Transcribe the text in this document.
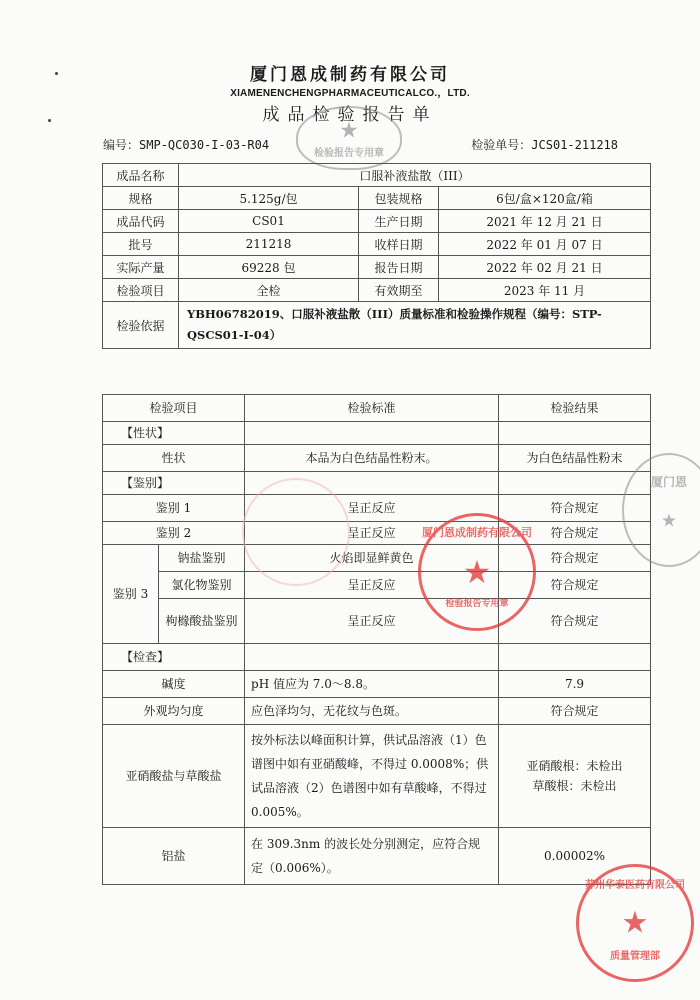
厦门恩成制药有限公司
XIAMENENCHENGPHARMACEUTICALCO.，LTD.
成品检验报告单
★
检验报告专用章
编号：SMP-QC030-I-03-R04	检验单号：JCS01-211218
成品名称	口服补液盐散（III）		
规格	5.125g/包	包装规格	6包/盒×120盒/箱
成品代码	CS01	生产日期	2021 年 12 月 21 日
批号	211218	收样日期	2022 年 01 月 07 日
实际产量	69228 包	报告日期	2022 年 02 月 21 日
检验项目	全检	有效期至	2023 年 11 月
检验依据	YBH06782019、口服补液盐散（III）质量标准和检验操作规程（编号：STP-QSCS01-I-04）		
检验项目		检验标准	检验结果
【性状】			
性状		本品为白色结晶性粉末。	为白色结晶性粉末
【鉴别】			
鉴别 1		呈正反应	符合规定
鉴别 2		呈正反应	符合规定
鉴别 3	钠盐鉴别	火焰即显鲜黄色	符合规定
	氯化物鉴别	呈正反应	符合规定
	枸橼酸盐鉴别	呈正反应	符合规定
【检查】			
碱度		pH 值应为 7.0～8.8。	7.9
外观均匀度		应色泽均匀，无花纹与色斑。	符合规定
亚硝酸盐与草酸盐		按外标法以峰面积计算，供试品溶液（1）色谱图中如有亚硝酸峰，不得过 0.0008%；供试品溶液（2）色谱图中如有草酸峰，不得过 0.005%。	亚硝酸根：未检出
草酸根：未检出

铝盐		在 309.3nm 的波长处分别测定，应符合规定（0.006%）。	0.00002%
厦门恩成制药有限公司
★
检验报告专用章
厦门恩
★
苏州华泰医药有限公司
★
质量管理部
